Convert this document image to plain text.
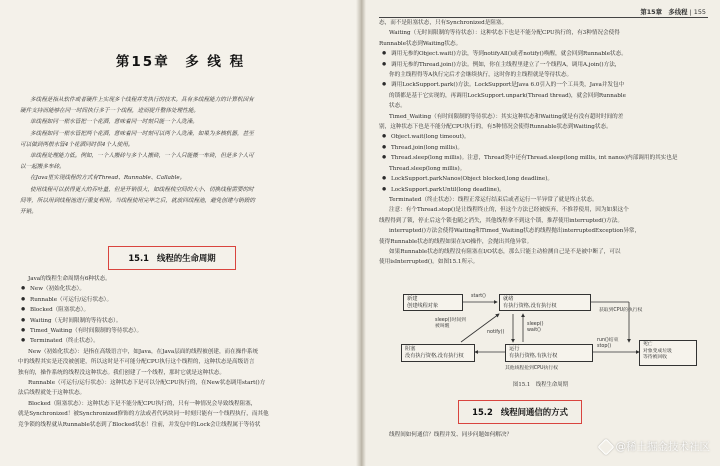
第15章　多 线 程
多线程是指从软件或者硬件上实现多个线程并发执行的技术。具有多线程能力的计算机因有
硬件支持而能够在同一时间执行多于一个线程，进而提升整体处理性能。
单线程如同一根水管把一个花洒，意味着同一时刻只能一个人洗澡。
多线程如同一根水管把两个花洒，意味着同一时刻可以两个人洗澡，如果为多核机器，甚至
可以做到两根水管4个花洒同时供4个人使用。
单线程处理能力低。例如，一个人搬砖与多个人搬砖，一个人只能搬一车砖，但是多个人可
以一起搬多车砖。
在Java里实现线程的方式有Thread、Runnable、Callable。
使用线程可以获得更大的吞吐量，但是开销很大，如线程栈空间的大小、切换线程需要的时
间等，所以用到线程池进行重复利用。当线程使用完毕之后，就放回线程池，避免创建与销毁的
开销。
15.1 线程的生命周期
Java的线程生命周期有6种状态。
● New（初始化状态）。
● Runnable（可运行/运行状态）。
● Blocked（阻塞状态）。
● Waiting（无时间限制的等待状态）。
● Timed_Waiting（有时间限制的等待状态）。
● Terminated（终止状态）。
New（初始化状态）：是指在高级语言中，如Java，在Java层面的线程被创建，而在操作系统
中的线程其实是还没被创建，所以这时是不可能分配CPU执行这个线程的，这种状态是高级语言
独有的，操作系统的线程没这种状态。我们创建了一个线程，那时它就是这种状态。
Runnable（可运行/运行状态）：这种状态下是可以分配CPU执行的，在New状态调用start()方
法后线程就处于这种状态。
Blocked（阻塞状态）：这种状态下是不能分配CPU执行的，只有一种情况会导致线程阻塞，
就是Synchronized！被Synchronized修饰的方法或者代码块同一时刻只能有一个线程执行，而其他
竞争锁的线程就从Runnable状态到了Blocked状态！往前，并发包中的Lock会让线程属于等待状
第15章　多线程 | 155
态，而不是阻塞状态，只有Synchronized是阻塞。
Waiting（无时间限制的等待状态）：这种状态下也是不能分配CPU执行的，有3种情况会使得
Runnable状态到Waiting状态。
● 调用无参的Object.wait()方法，等到notifyAll()或者notify()唤醒，就会回到Runnable状态。
● 调用无参的Thread.join()方法。例如，你在主线程里建立了一个线程A，调用A.join()方法，
你的主线程得等A执行完后才会继续执行，这时你的主线程就是等待状态。
● 调用LockSupport.park()方法。LockSupport是Java 6.0引入的一个工具类，Java并发包中
的锁都是基于它实现的，再调用LockSupport.unpark(Thread thread)，就会回到Runnable
状态。
Timed_Waiting（有时间限制的等待状态）：其实这种状态和Waiting就是有没有超时时间的差
别，这种状态下也是不能分配CPU执行的，有5种情况会使得Runnable状态到Waiting状态。
● Object.wait(long timeout)。
● Thread.join(long millis)。
● Thread.sleep(long millis)。注意，Thread类中还有Thread.sleep(long millis, int nanos)内部调用的其实也是
Thread.sleep(long millis)。
● LockSupport.parkNanos(Object blocked,long deadline)。
● LockSupport.parkUntil(long deadline)。
Terminated（终止状态）：线程正常运行结束后或者运行一半异常了就是终止状态。
注意：有个Thread.stop()是让线程终止的，但这个方法已经被废弃，不推荐使用，因为如果这个
线程得到了锁，停止后这个锁也随之消失，其他线程拿不到这个锁，推荐使用interrupted()方法。
interrupted()方法会使得Waiting和Timed_Waiting状态的线程抛出interruptedException异常，
使得Runnable状态的线程如果在I/O操作，会抛出其他异常。
如果Runnable状态的线程没有阻塞在I/O状态，那么只能主动检测自己是不是被中断了，可以
使用isInterrupted()。如图15.1所示。
新建
创建线程对象
就绪
有执行资格,没有执行权
start()
获取到CPU的执行权
阻塞
没有执行资格,没有执行权
运行
有执行资格,有执行权
死亡
对象变成垃圾
等待被回收
sleep()时间到
被叫醒
notify()
sleep()
wait()
run()结束
stop()
其他线程抢到CPU执行权
图15.1　线程生命周期
15.2 线程间通信的方式
线程间如何通信？线程并发、同步问题如何解决？
@稀土掘金技术社区
